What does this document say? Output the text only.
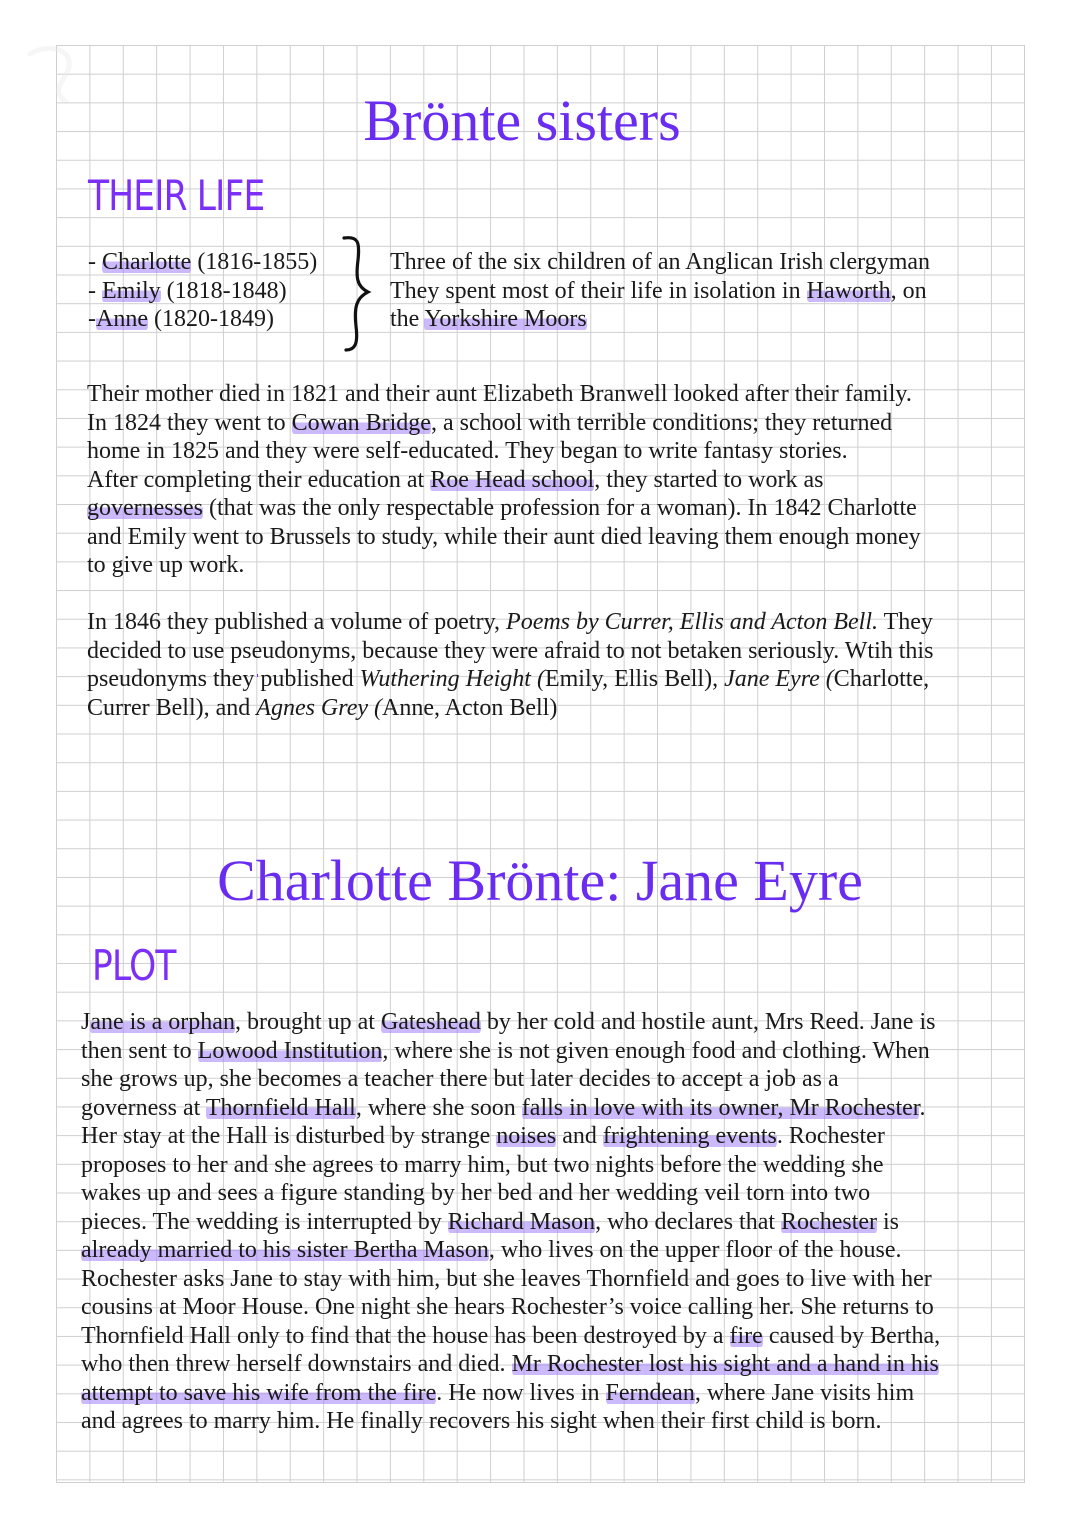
Brönte sisters
THEIR LIFE
- Charlotte (1816-1855)
- Emily (1818-1848)
-Anne (1820-1849)
Three of the six children of an Anglican Irish clergyman
They spent most of their life in isolation in Haworth, on
the Yorkshire Moors
Their mother died in 1821 and their aunt Elizabeth Branwell looked after their family.
In 1824 they went to Cowan Bridge, a school with terrible conditions; they returned
home in 1825 and they were self-educated. They began to write fantasy stories.
After completing their education at Roe Head school, they started to work as
governesses (that was the only respectable profession for a woman). In 1842 Charlotte
and Emily went to Brussels to study, while their aunt died leaving them enough money
to give up work.
In 1846 they published a volume of poetry, Poems by Currer, Ellis and Acton Bell. They
decided to use pseudonyms, because they were afraid to not betaken seriously. Wtih this
pseudonyms they published Wuthering Height (Emily, Ellis Bell), Jane Eyre (Charlotte,
Currer Bell), and Agnes Grey (Anne, Acton Bell)
Charlotte Brönte: Jane Eyre
PLOT
Jane is a orphan, brought up at Gateshead by her cold and hostile aunt, Mrs Reed. Jane is
then sent to Lowood Institution, where she is not given enough food and clothing. When
she grows up, she becomes a teacher there but later decides to accept a job as a
governess at Thornfield Hall, where she soon falls in love with its owner, Mr Rochester.
Her stay at the Hall is disturbed by strange noises and frightening events. Rochester
proposes to her and she agrees to marry him, but two nights before the wedding she
wakes up and sees a figure standing by her bed and her wedding veil torn into two
pieces. The wedding is interrupted by Richard Mason, who declares that Rochester is
already married to his sister Bertha Mason, who lives on the upper floor of the house.
Rochester asks Jane to stay with him, but she leaves Thornfield and goes to live with her
cousins at Moor House. One night she hears Rochester’s voice calling her. She returns to
Thornfield Hall only to find that the house has been destroyed by a fire caused by Bertha,
who then threw herself downstairs and died. Mr Rochester lost his sight and a hand in his
attempt to save his wife from the fire. He now lives in Ferndean, where Jane visits him
and agrees to marry him. He finally recovers his sight when their first child is born.
